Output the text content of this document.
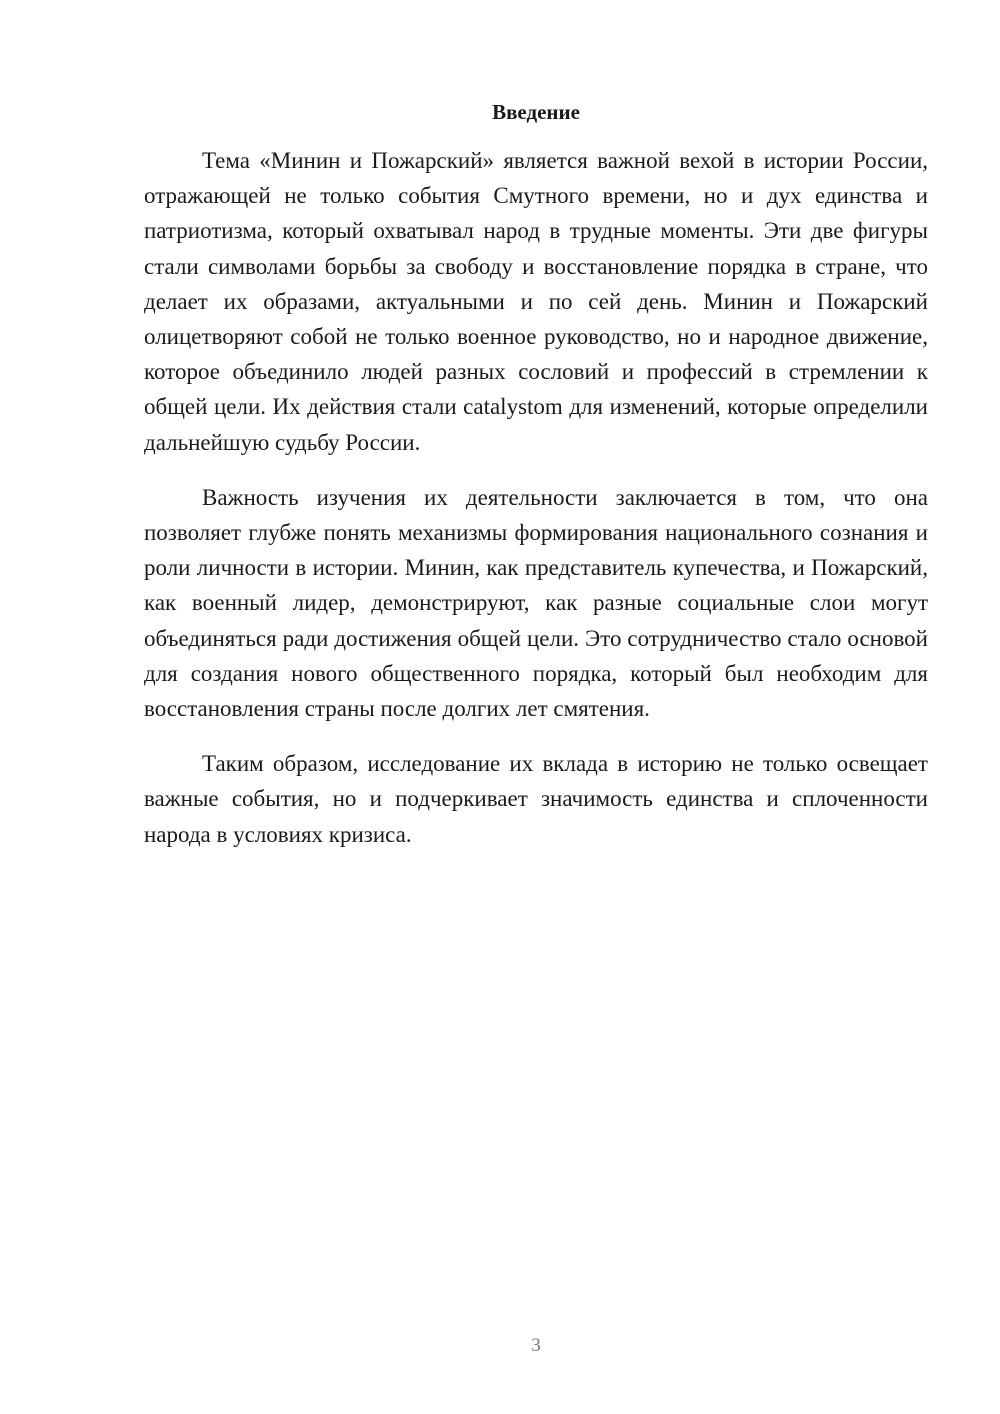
Введение

Тема «Минин и Пожарский» является важной вехой в истории России, отражающей не только события Смутного времени, но и дух единства и патриотизма, который охватывал народ в трудные моменты. Эти две фигуры стали символами борьбы за свободу и восстановление порядка в стране, что делает их образами, актуальными и по сей день. Минин и Пожарский олицетворяют собой не только военное руководство, но и народное движение, которое объединило людей разных сословий и профессий в стремлении к общей цели. Их действия стали catalystom для изменений, которые определили дальнейшую судьбу России.

Важность изучения их деятельности заключается в том, что она позволяет глубже понять механизмы формирования национального сознания и роли личности в истории. Минин, как представитель купечества, и Пожарский, как военный лидер, демонстрируют, как разные социальные слои могут объединяться ради достижения общей цели. Это сотрудничество стало основой для создания нового общественного порядка, который был необходим для восстановления страны после долгих лет смятения.

Таким образом, исследование их вклада в историю не только освещает важные события, но и подчеркивает значимость единства и сплоченности народа в условиях кризиса.

3
